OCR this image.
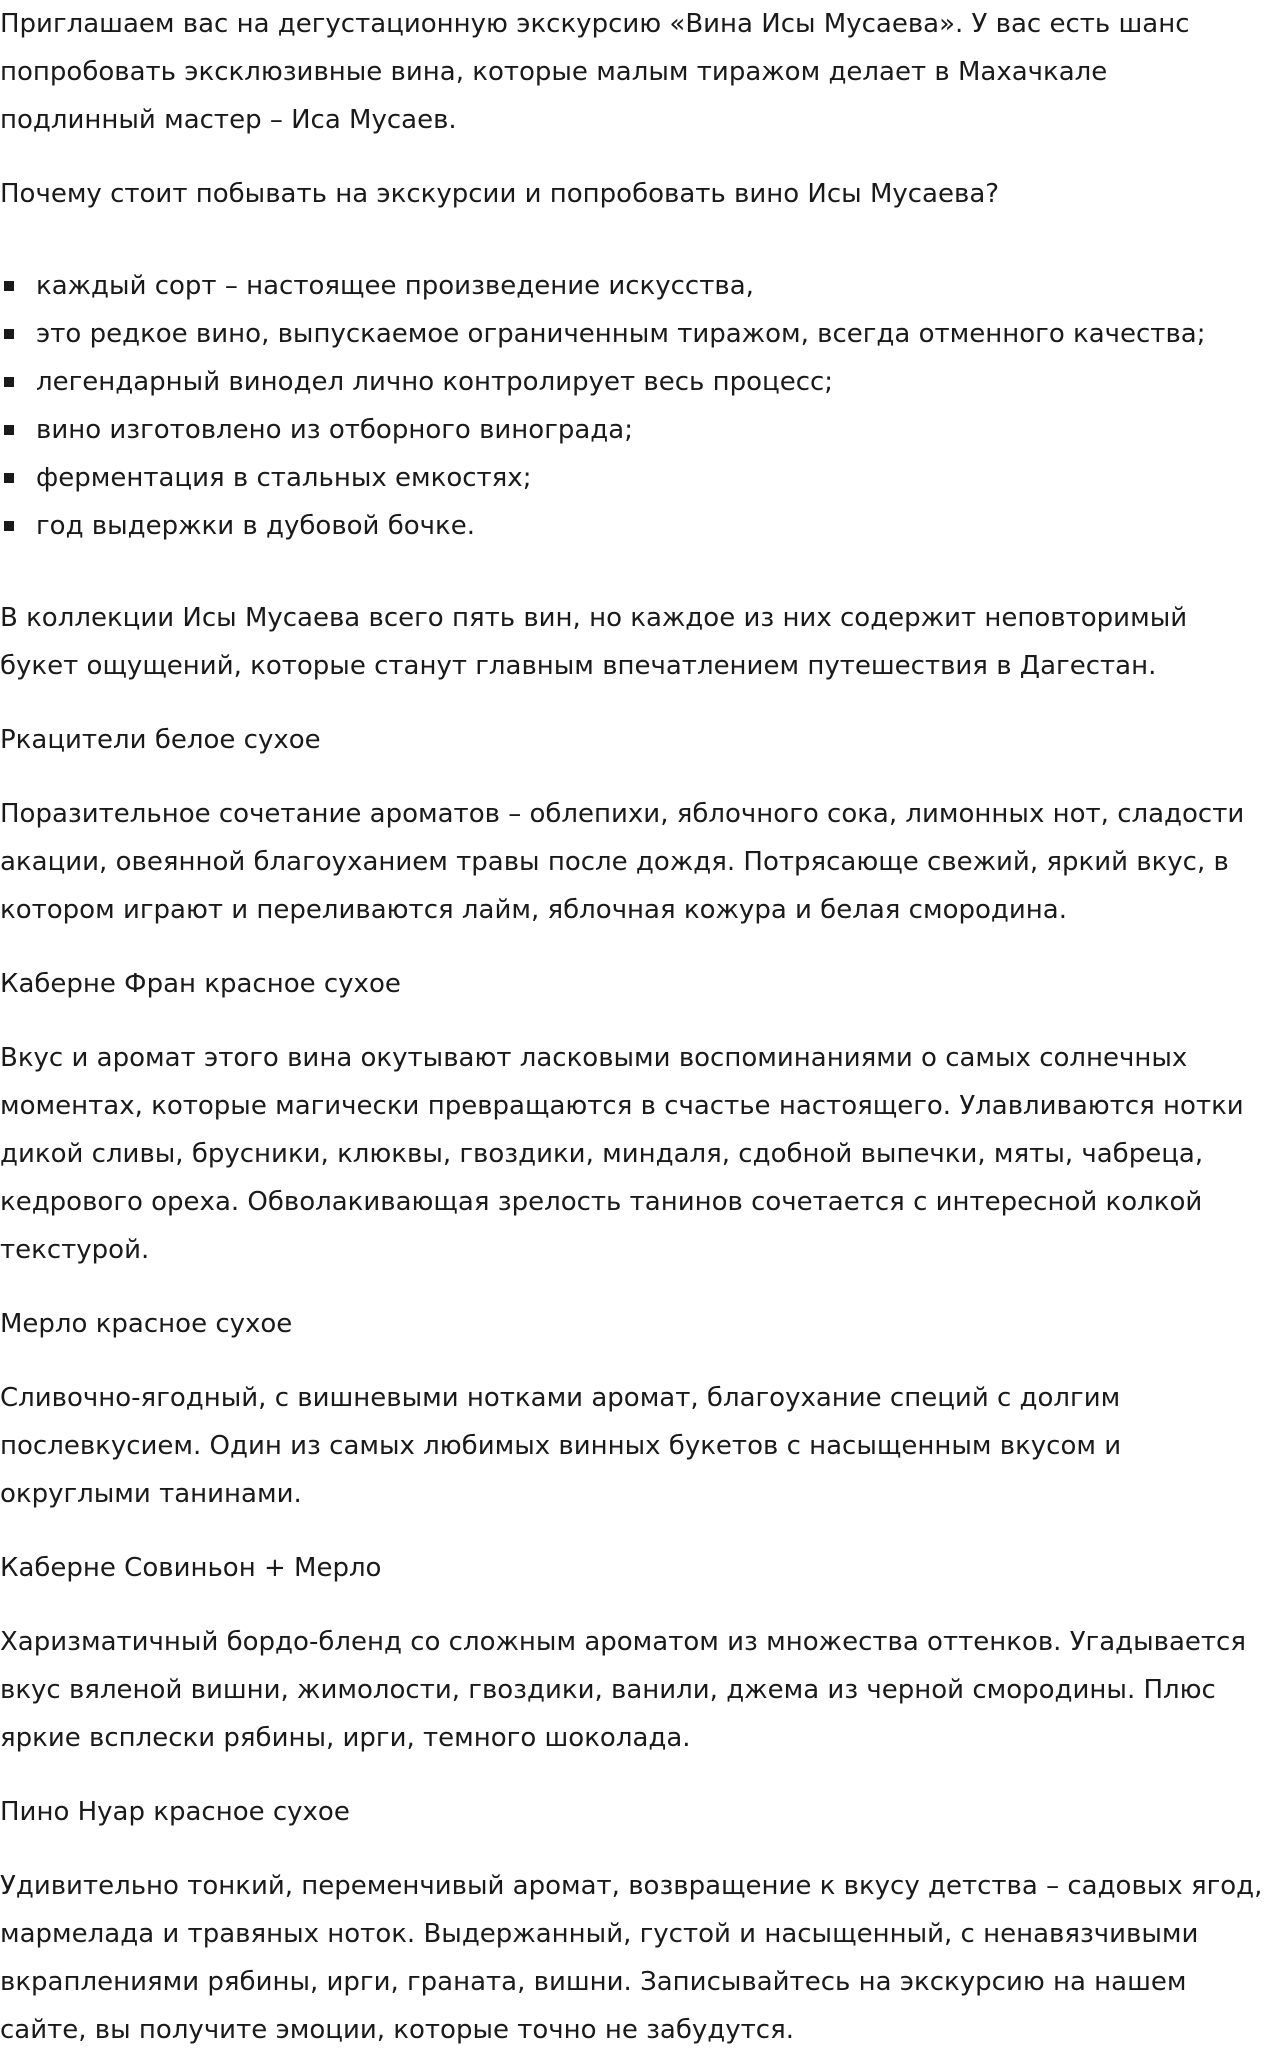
Приглашаем вас на дегустационную экскурсию «Вина Исы Мусаева». У вас есть шанс попробовать эксклюзивные вина, которые малым тиражом делает в Махачкале подлинный мастер – Иса Мусаев.

Почему стоит побывать на экскурсии и попробовать вино Исы Мусаева?

каждый сорт – настоящее произведение искусства,
это редкое вино, выпускаемое ограниченным тиражом, всегда отменного качества;
легендарный винодел лично контролирует весь процесс;
вино изготовлено из отборного винограда;
ферментация в стальных емкостях;
год выдержки в дубовой бочке.

В коллекции Исы Мусаева всего пять вин, но каждое из них содержит неповторимый букет ощущений, которые станут главным впечатлением путешествия в Дагестан.

Ркацители белое сухое

Поразительное сочетание ароматов – облепихи, яблочного сока, лимонных нот, сладости акации, овеянной благоуханием травы после дождя. Потрясающе свежий, яркий вкус, в котором играют и переливаются лайм, яблочная кожура и белая смородина.

Каберне Фран красное сухое

Вкус и аромат этого вина окутывают ласковыми воспоминаниями о самых солнечных моментах, которые магически превращаются в счастье настоящего. Улавливаются нотки дикой сливы, брусники, клюквы, гвоздики, миндаля, сдобной выпечки, мяты, чабреца, кедрового ореха. Обволакивающая зрелость танинов сочетается с интересной колкой текстурой.

Мерло красное сухое

Сливочно-ягодный, с вишневыми нотками аромат, благоухание специй с долгим послевкусием. Один из самых любимых винных букетов с насыщенным вкусом и округлыми танинами.

Каберне Совиньон + Мерло

Харизматичный бордо-бленд со сложным ароматом из множества оттенков. Угадывается вкус вяленой вишни, жимолости, гвоздики, ванили, джема из черной смородины. Плюс яркие всплески рябины, ирги, темного шоколада.

Пино Нуар красное сухое

Удивительно тонкий, переменчивый аромат, возвращение к вкусу детства – садовых ягод, мармелада и травяных ноток. Выдержанный, густой и насыщенный, с ненавязчивыми вкраплениями рябины, ирги, граната, вишни. Записывайтесь на экскурсию на нашем сайте, вы получите эмоции, которые точно не забудутся.
